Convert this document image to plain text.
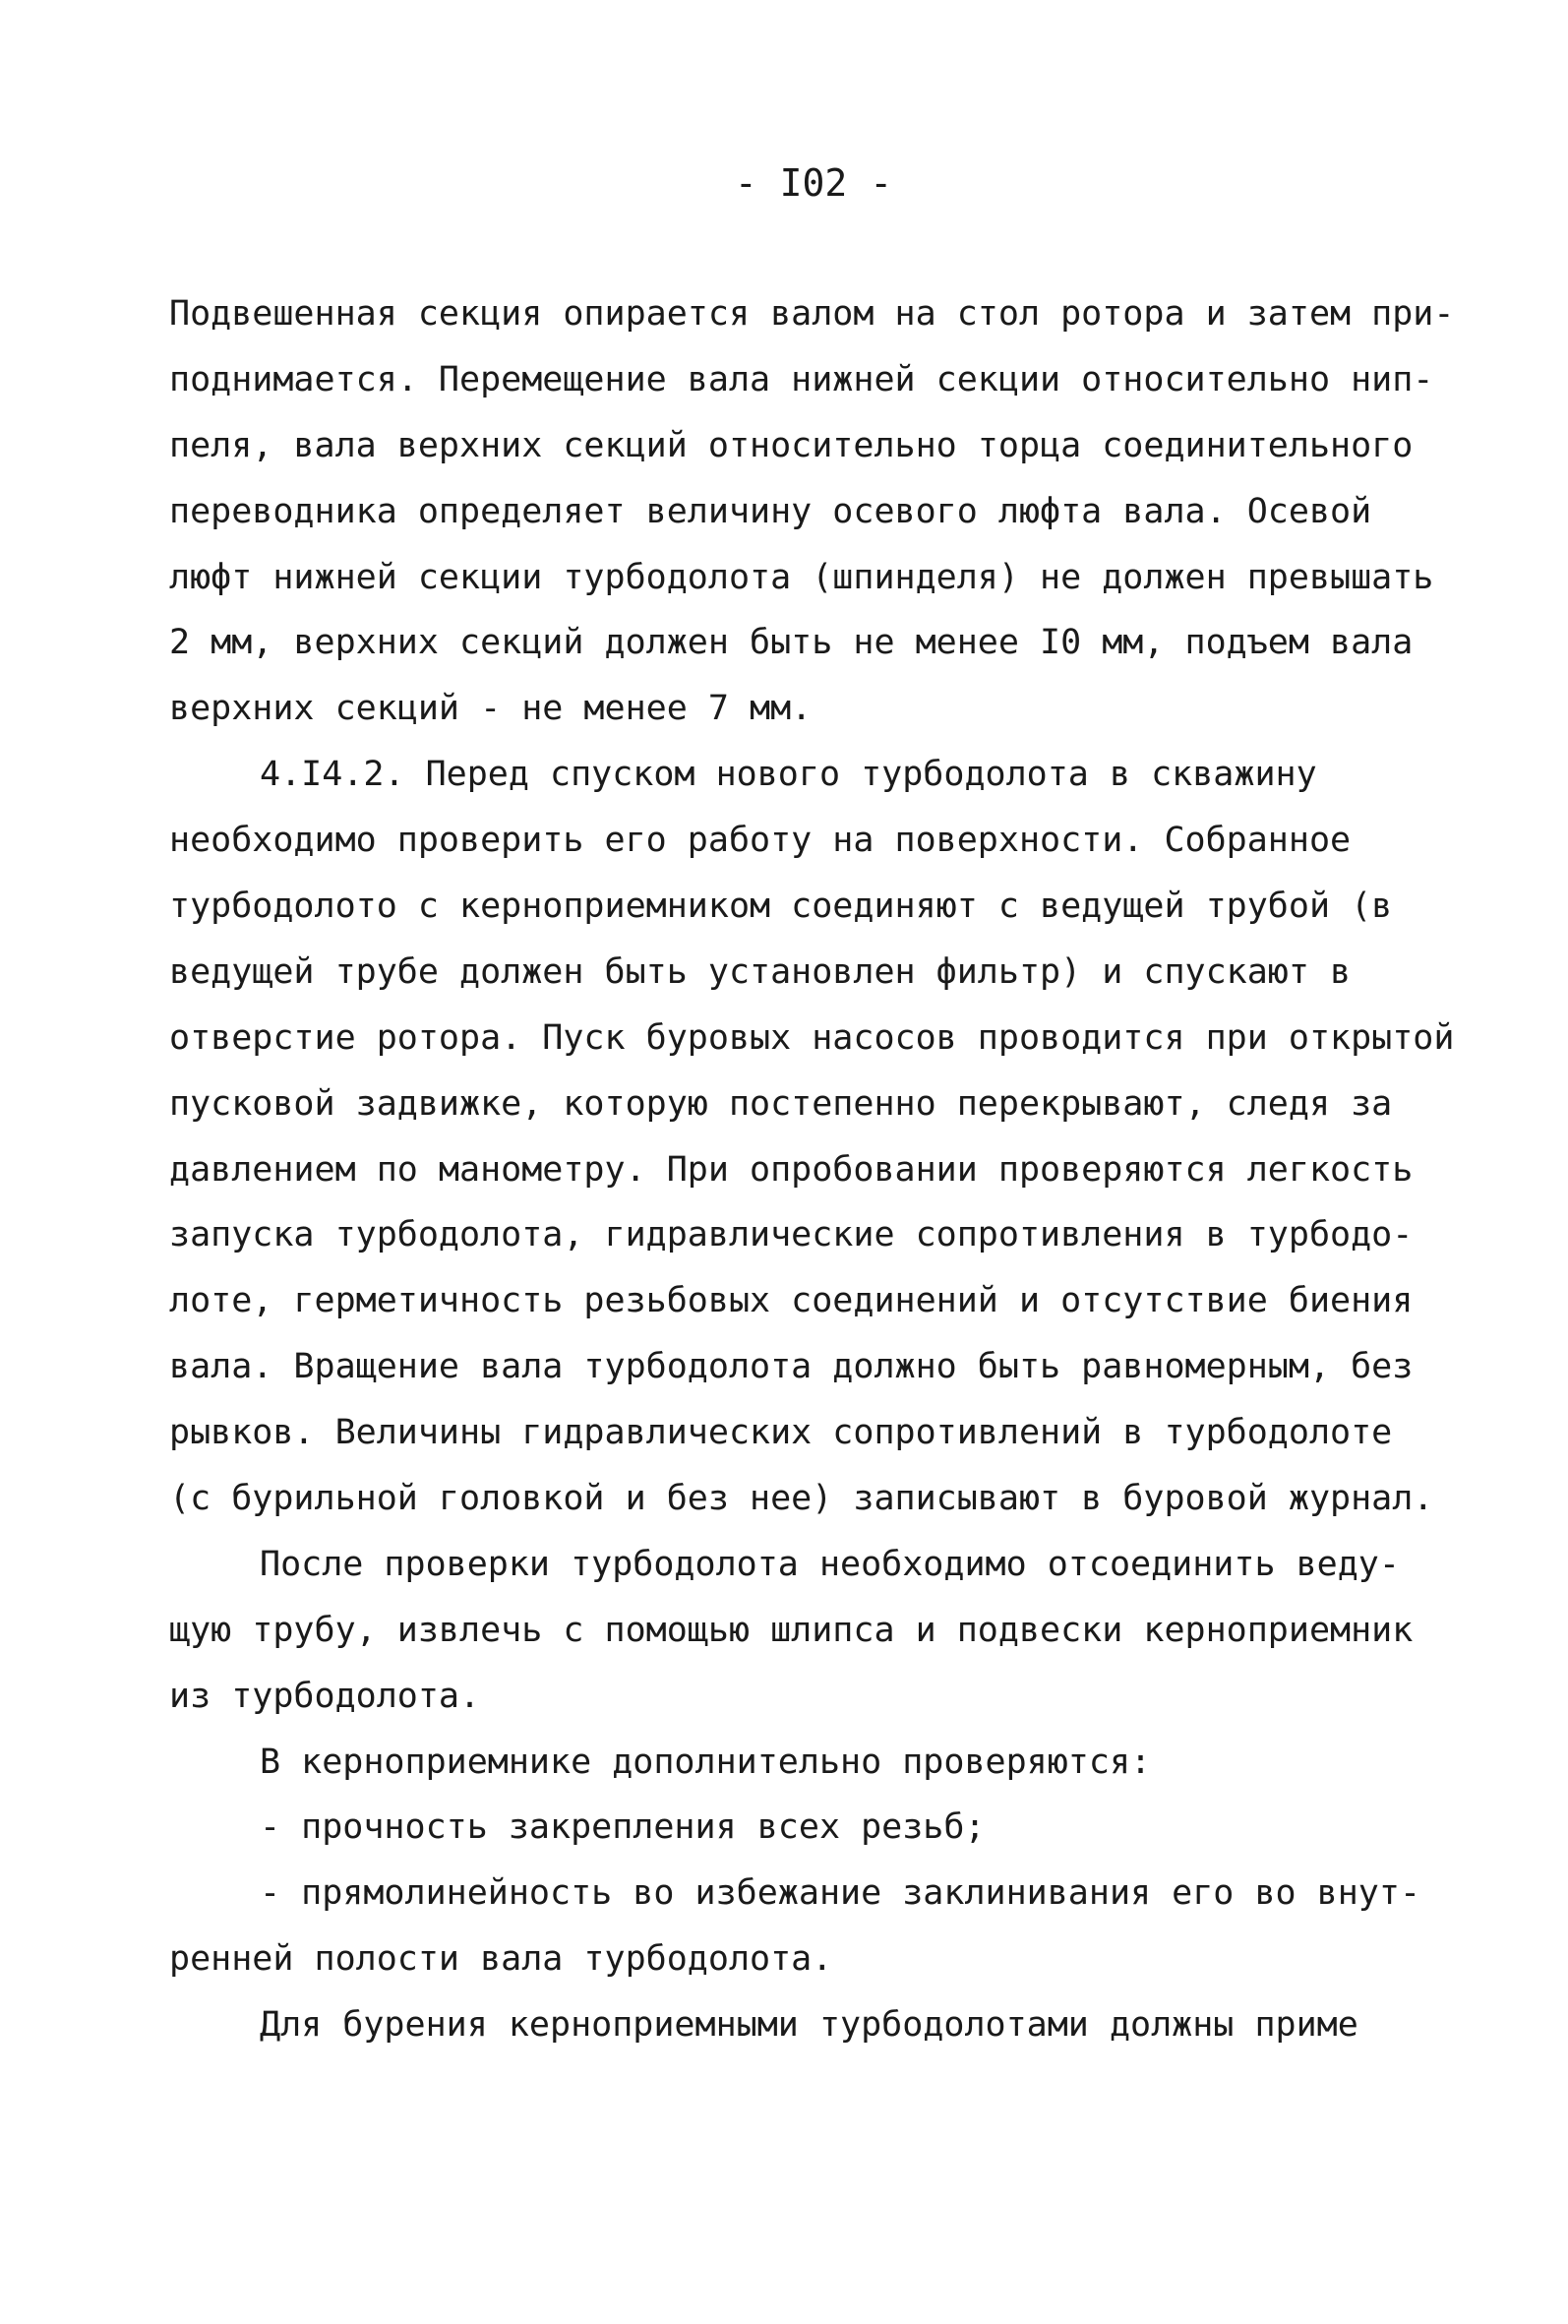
- I02 -
Подвешенная секция опирается валом на стол ротора и затем при-
поднимается. Перемещение вала нижней секции относительно нип-
пеля, вала верхних секций относительно торца соединительного
переводника определяет величину осевого люфта вала. Осевой
люфт нижней секции турбодолота (шпинделя) не должен превышать
2 мм, верхних секций должен быть не менее I0 мм, подъем вала
верхних секций - не менее 7 мм.
4.I4.2. Перед спуском нового турбодолота в скважину
необходимо проверить его работу на поверхности. Собранное
турбодолото с керноприемником соединяют с ведущей трубой (в
ведущей трубе должен быть установлен фильтр) и спускают в
отверстие ротора. Пуск буровых насосов проводится при открытой
пусковой задвижке, которую постепенно перекрывают, следя за
давлением по манометру. При опробовании проверяются легкость
запуска турбодолота, гидравлические сопротивления в турбодо-
лоте, герметичность резьбовых соединений и отсутствие биения
вала. Вращение вала турбодолота должно быть равномерным, без
рывков. Величины гидравлических сопротивлений в турбодолоте
(с бурильной головкой и без нее) записывают в буровой журнал.
После проверки турбодолота необходимо отсоединить веду-
щую трубу, извлечь с помощью шлипса и подвески керноприемник
из турбодолота.
В керноприемнике дополнительно проверяются:
- прочность закрепления всех резьб;
- прямолинейность во избежание заклинивания его во внут-
ренней полости вала турбодолота.
Для бурения керноприемными турбодолотами должны приме
